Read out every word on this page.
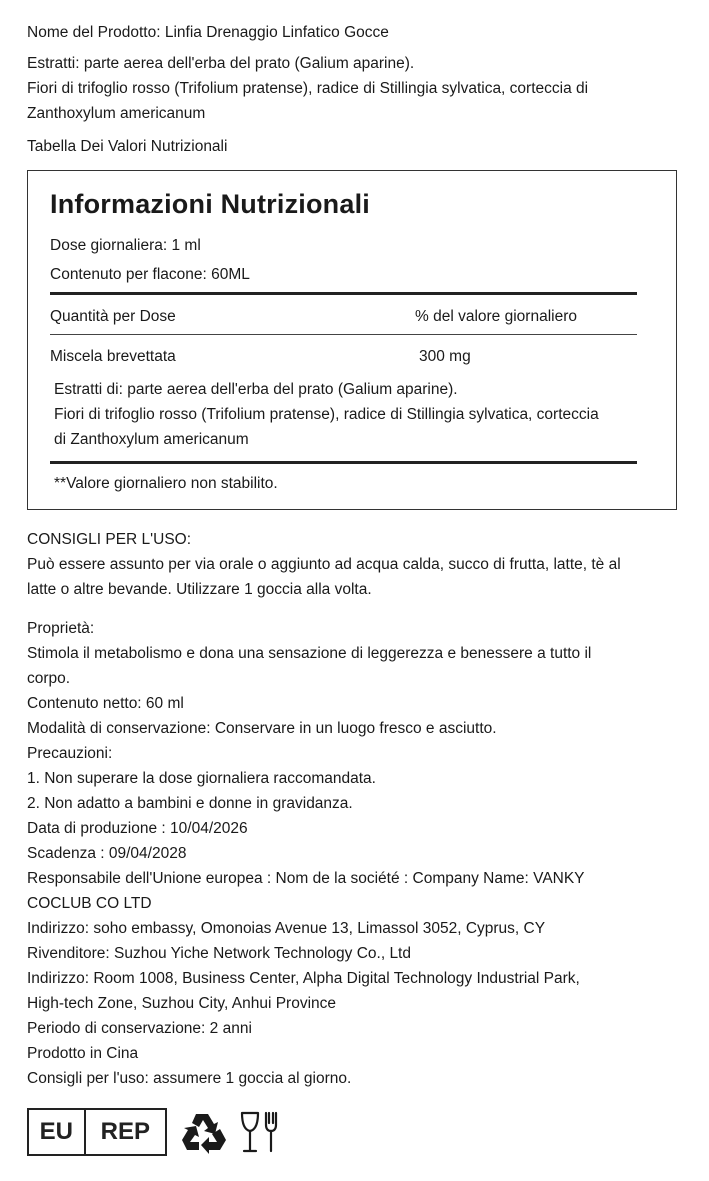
Nome del Prodotto: Linfia Drenaggio Linfatico Gocce
Estratti: parte aerea dell'erba del prato (Galium aparine).
Fiori di trifoglio rosso (Trifolium pratense), radice di Stillingia sylvatica, corteccia di
Zanthoxylum americanum
Tabella Dei Valori Nutrizionali
Informazioni Nutrizionali
Dose giornaliera: 1 ml
Contenuto per flacone: 60ML
Quantità per Dose	% del valore giornaliero
Miscela brevettata	300 mg
Estratti di: parte aerea dell'erba del prato (Galium aparine).
Fiori di trifoglio rosso (Trifolium pratense), radice di Stillingia sylvatica, corteccia
di Zanthoxylum americanum
**Valore giornaliero non stabilito.
CONSIGLI PER L'USO:
Può essere assunto per via orale o aggiunto ad acqua calda, succo di frutta, latte, tè al
latte o altre bevande. Utilizzare 1 goccia alla volta.
Proprietà:
Stimola il metabolismo e dona una sensazione di leggerezza e benessere a tutto il
corpo.
Contenuto netto: 60 ml
Modalità di conservazione: Conservare in un luogo fresco e asciutto.
Precauzioni:
1. Non superare la dose giornaliera raccomandata.
2. Non adatto a bambini e donne in gravidanza.
Data di produzione : 10/04/2026
Scadenza : 09/04/2028
Responsabile dell'Unione europea : Nom de la société : Company Name: VANKY
COCLUB CO LTD
Indirizzo: soho embassy, Omonoias Avenue 13, Limassol 3052, Cyprus, CY
Rivenditore: Suzhou Yiche Network Technology Co., Ltd
Indirizzo: Room 1008, Business Center, Alpha Digital Technology Industrial Park,
High-tech Zone, Suzhou City, Anhui Province
Periodo di conservazione: 2 anni
Prodotto in Cina
Consigli per l'uso: assumere 1 goccia al giorno.
EU	REP
